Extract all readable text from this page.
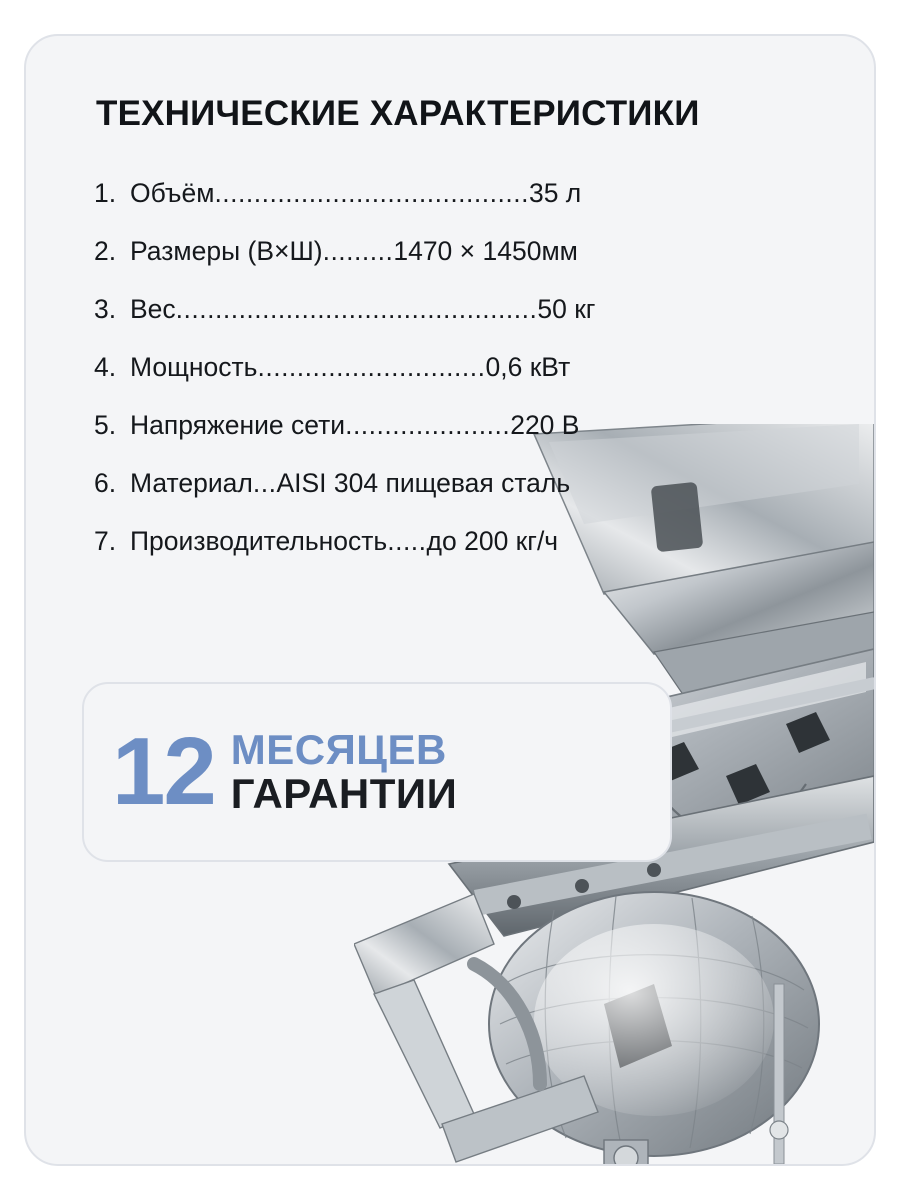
ТЕХНИЧЕСКИЕ ХАРАКТЕРИСТИКИ
1. Объём ........................................ 35 л
2. Размеры (В×Ш) ......... 1470 × 1450мм
3. Вес .............................................. 50 кг
4. Мощность ............................. 0,6 кВт
5. Напряжение сети ..................... 220 В
6. Материал ... AISI 304 пищевая сталь
7. Производительность ..... до 200 кг/ч
12 МЕСЯЦЕВ
ГАРАНТИИ
